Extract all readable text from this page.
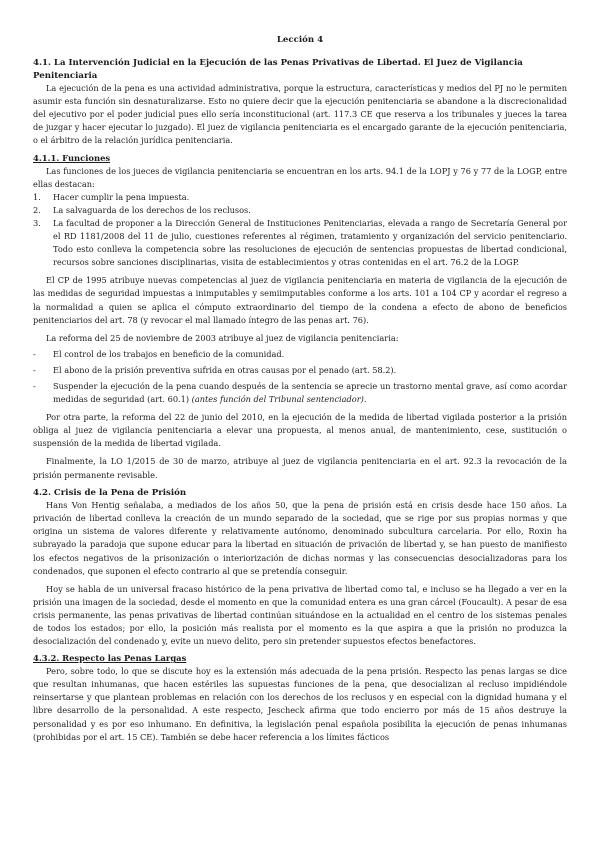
Lección 4
4.1. La Intervención Judicial en la Ejecución de las Penas Privativas de Libertad. El Juez de Vigilancia Penitenciaria

La ejecución de la pena es una actividad administrativa, porque la estructura, características y medios del PJ no le permiten asumir esta función sin desnaturalizarse. Esto no quiere decir que la ejecución penitenciaria se abandone a la discrecionalidad del ejecutivo por el poder judicial pues ello sería inconstitucional (art. 117.3 CE que reserva a los tribunales y jueces la tarea de juzgar y hacer ejecutar lo juzgado). El juez de vigilancia penitenciaria es el encargado garante de la ejecución penitenciaria, o el árbitro de la relación jurídica penitenciaria.

4.1.1. Funciones

Las funciones de los jueces de vigilancia penitenciaria se encuentran en los arts. 94.1 de la LOPJ y 76 y 77 de la LOGP, entre ellas destacan:

1. Hacer cumplir la pena impuesta.
2. La salvaguarda de los derechos de los reclusos.
3. La facultad de proponer a la Dirección General de Instituciones Penitenciarias, elevada a rango de Secretaría General por el RD 1181/2008 del 11 de julio, cuestiones referentes al régimen, tratamiento y organización del servicio penitenciario. Todo esto conlleva la competencia sobre las resoluciones de ejecución de sentencias propuestas de libertad condicional, recursos sobre sanciones disciplinarias, visita de establecimientos y otras contenidas en el art. 76.2 de la LOGP.

El CP de 1995 atribuye nuevas competencias al juez de vigilancia penitenciaria en materia de vigilancia de la ejecución de las medidas de seguridad impuestas a inimputables y semiimputables conforme a los arts. 101 a 104 CP y acordar el regreso a la normalidad a quien se aplica el cómputo extraordinario del tiempo de la condena a efecto de abono de beneficios penitenciarios del art. 78 (y revocar el mal llamado íntegro de las penas art. 76).

La reforma del 25 de noviembre de 2003 atribuye al juez de vigilancia penitenciaria:

- El control de los trabajos en beneficio de la comunidad.
- El abono de la prisión preventiva sufrida en otras causas por el penado (art. 58.2).
- Suspender la ejecución de la pena cuando después de la sentencia se aprecie un trastorno mental grave, así como acordar medidas de seguridad (art. 60.1) (antes función del Tribunal sentenciador).

Por otra parte, la reforma del 22 de junio del 2010, en la ejecución de la medida de libertad vigilada posterior a la prisión obliga al juez de vigilancia penitenciaria a elevar una propuesta, al menos anual, de mantenimiento, cese, sustitución o suspensión de la medida de libertad vigilada.

Finalmente, la LO 1/2015 de 30 de marzo, atribuye al juez de vigilancia penitenciaria en el art. 92.3 la revocación de la prisión permanente revisable.

4.2. Crisis de la Pena de Prisión

Hans Von Hentig señalaba, a mediados de los años 50, que la pena de prisión está en crisis desde hace 150 años. La privación de libertad conlleva la creación de un mundo separado de la sociedad, que se rige por sus propias normas y que origina un sistema de valores diferente y relativamente autónomo, denominado subcultura carcelaria. Por ello, Roxin ha subrayado la paradoja que supone educar para la libertad en situación de privación de libertad y, se han puesto de manifiesto los efectos negativos de la prisonización o interiorización de dichas normas y las consecuencias desocializadoras para los condenados, que suponen el efecto contrario al que se pretendía conseguir.

Hoy se habla de un universal fracaso histórico de la pena privativa de libertad como tal, e incluso se ha llegado a ver en la prisión una imagen de la sociedad, desde el momento en que la comunidad entera es una gran cárcel (Foucault). A pesar de esa crisis permanente, las penas privativas de libertad continúan situándose en la actualidad en el centro de los sistemas penales de todos los estados; por ello, la posición más realista por el momento es la que aspira a que la prisión no produzca la desocialización del condenado y, evite un nuevo delito, pero sin pretender supuestos efectos benefactores.

4.3.2. Respecto las Penas Largas

Pero, sobre todo, lo que se discute hoy es la extensión más adecuada de la pena prisión. Respecto las penas largas se dice que resultan inhumanas, que hacen estériles las supuestas funciones de la pena, que desocializan al recluso impidiéndole reinsertarse y que plantean problemas en relación con los derechos de los reclusos y en especial con la dignidad humana y el libre desarrollo de la personalidad. A este respecto, Jescheck afirma que todo encierro por más de 15 años destruye la personalidad y es por eso inhumano. En definitiva, la legislación penal española posibilita la ejecución de penas inhumanas (prohibidas por el art. 15 CE). También se debe hacer referencia a los límites fácticos
